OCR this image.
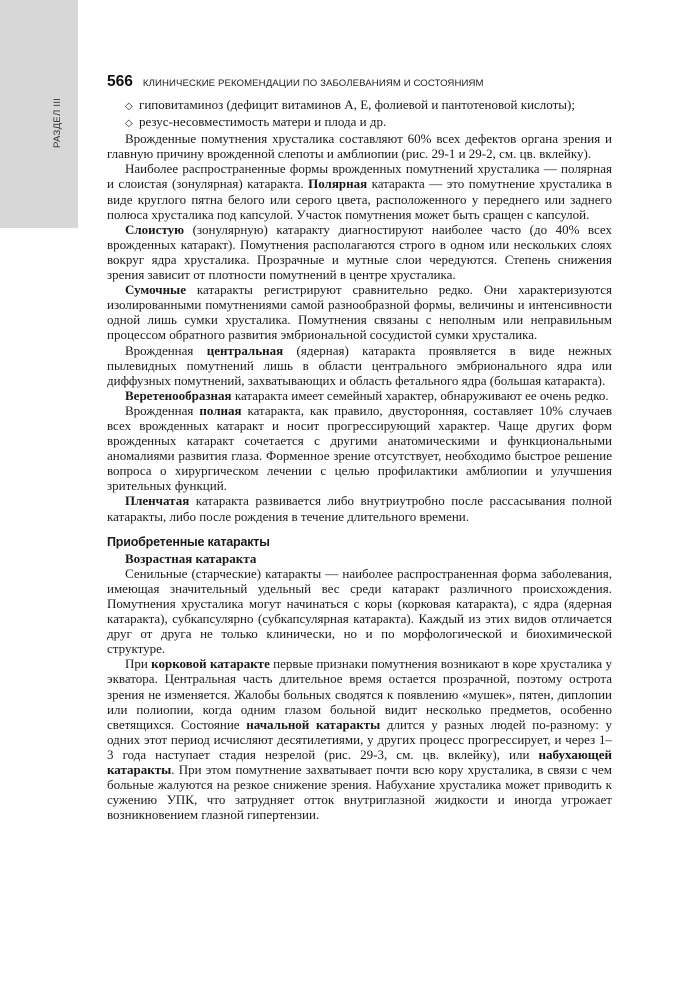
РАЗДЕЛ III
566 КЛИНИЧЕСКИЕ РЕКОМЕНДАЦИИ ПО ЗАБОЛЕВАНИЯМ И СОСТОЯНИЯМ

◇ гиповитаминоз (дефицит витаминов А, Е, фолиевой и пантотеновой кислоты);

◇ резус-несовместимость матери и плода и др.

Врожденные помутнения хрусталика составляют 60% всех дефектов органа зрения и главную причину врожденной слепоты и амблиопии (рис. 29-1 и 29-2, см. цв. вклейку).

Наиболее распространенные формы врожденных помутнений хрусталика — полярная и слоистая (зонулярная) катаракта. Полярная катаракта — это помутнение хрусталика в виде круглого пятна белого или серого цвета, расположенного у переднего или заднего полюса хрусталика под капсулой. Участок помутнения может быть сращен с капсулой.

Слоистую (зонулярную) катаракту диагностируют наиболее часто (до 40% всех врожденных катаракт). Помутнения располагаются строго в одном или нескольких слоях вокруг ядра хрусталика. Прозрачные и мутные слои чередуются. Степень снижения зрения зависит от плотности помутнений в центре хрусталика.

Сумочные катаракты регистрируют сравнительно редко. Они характеризуются изолированными помутнениями самой разнообразной формы, величины и интенсивности одной лишь сумки хрусталика. Помутнения связаны с неполным или неправильным процессом обратного развития эмбриональной сосудистой сумки хрусталика.

Врожденная центральная (ядерная) катаракта проявляется в виде нежных пылевидных помутнений лишь в области центрального эмбрионального ядра или диффузных помутнений, захватывающих и область фетального ядра (большая катаракта).

Веретенообразная катаракта имеет семейный характер, обнаруживают ее очень редко.

Врожденная полная катаракта, как правило, двусторонняя, составляет 10% случаев всех врожденных катаракт и носит прогрессирующий характер. Чаще других форм врожденных катаракт сочетается с другими анатомическими и функциональными аномалиями развития глаза. Форменное зрение отсутствует, необходимо быстрое решение вопроса о хирургическом лечении с целью профилактики амблиопии и улучшения зрительных функций.

Пленчатая катаракта развивается либо внутриутробно после рассасывания полной катаракты, либо после рождения в течение длительного времени.

Приобретенные катаракты
Возрастная катаракта

Сенильные (старческие) катаракты — наиболее распространенная форма заболевания, имеющая значительный удельный вес среди катаракт различного происхождения. Помутнения хрусталика могут начинаться с коры (корковая катаракта), с ядра (ядерная катаракта), субкапсулярно (субкапсулярная катаракта). Каждый из этих видов отличается друг от друга не только клинически, но и по морфологической и биохимической структуре.

При корковой катаракте первые признаки помутнения возникают в коре хрусталика у экватора. Центральная часть длительное время остается прозрачной, поэтому острота зрения не изменяется. Жалобы больных сводятся к появлению «мушек», пятен, диплопии или полиопии, когда одним глазом больной видит несколько предметов, особенно светящихся. Состояние начальной катаракты длится у разных людей по-разному: у одних этот период исчисляют десятилетиями, у других процесс прогрессирует, и через 1–3 года наступает стадия незрелой (рис. 29-3, см. цв. вклейку), или набухающей катаракты. При этом помутнение захватывает почти всю кору хрусталика, в связи с чем больные жалуются на резкое снижение зрения. Набухание хрусталика может приводить к сужению УПК, что затрудняет отток внутриглазной жидкости и иногда угрожает возникновением глазной гипертензии.
